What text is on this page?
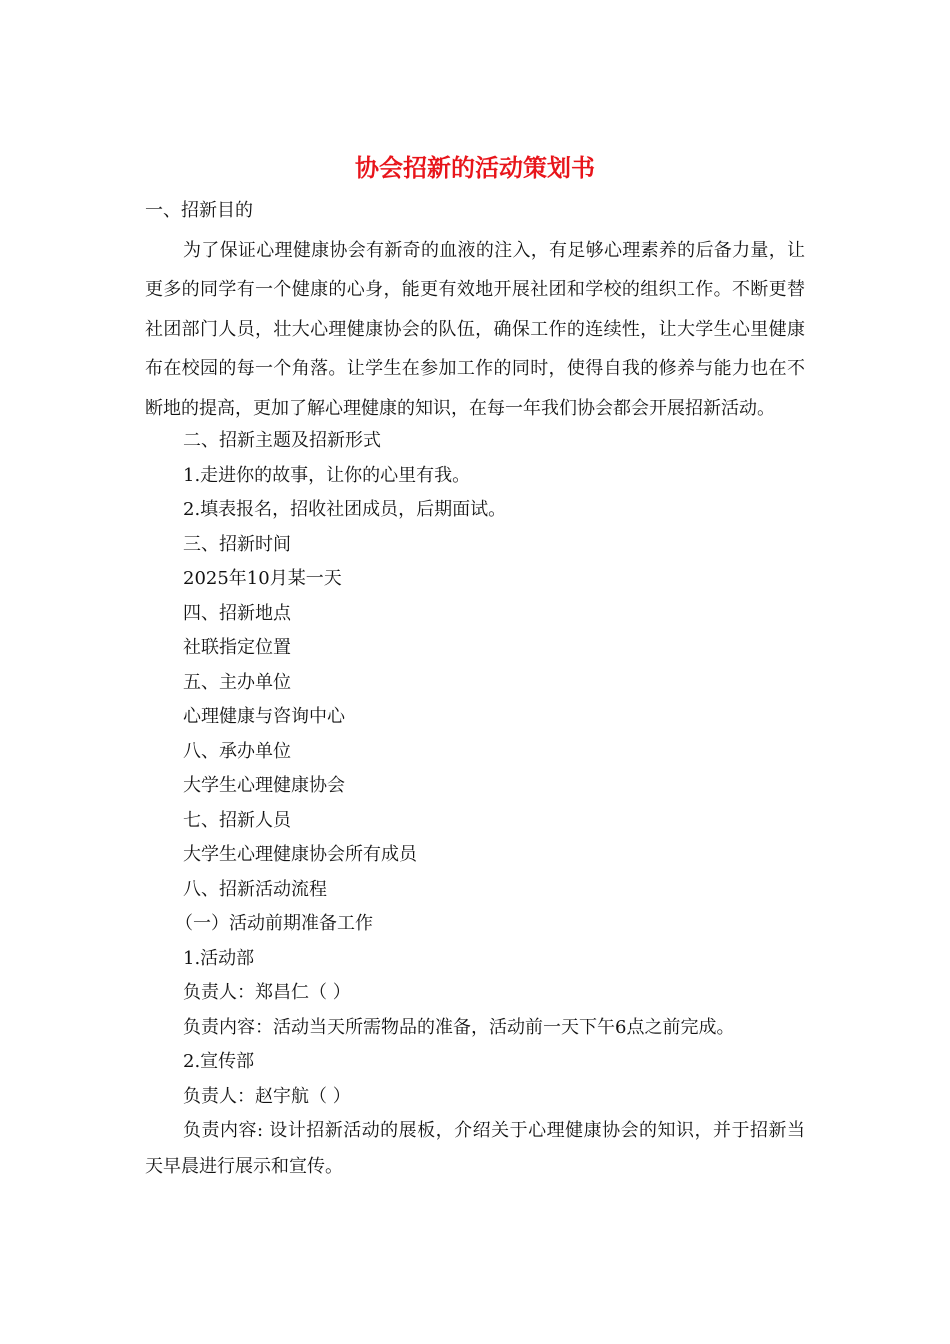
协会招新的活动策划书

一、招新目的

为了保证心理健康协会有新奇的血液的注入，有足够心理素养的后备力量，让更多的同学有一个健康的心身，能更有效地开展社团和学校的组织工作。不断更替社团部门人员，壮大心理健康协会的队伍，确保工作的连续性，让大学生心里健康布在校园的每一个角落。让学生在参加工作的同时，使得自我的修养与能力也在不断地的提高，更加了解心理健康的知识，在每一年我们协会都会开展招新活动。

二、招新主题及招新形式

1.走进你的故事，让你的心里有我。

2.填表报名，招收社团成员，后期面试。

三、招新时间

2025年10月某一天

四、招新地点

社联指定位置

五、主办单位

心理健康与咨询中心

八、承办单位

大学生心理健康协会

七、招新人员

大学生心理健康协会所有成员

八、招新活动流程

（一）活动前期准备工作

1.活动部

负责人：郑昌仁（ ）

负责内容：活动当天所需物品的准备，活动前一天下午6点之前完成。

2.宣传部

负责人：赵宇航（ ）

负责内容: 设计招新活动的展板，介绍关于心理健康协会的知识，并于招新当天早晨进行展示和宣传。
